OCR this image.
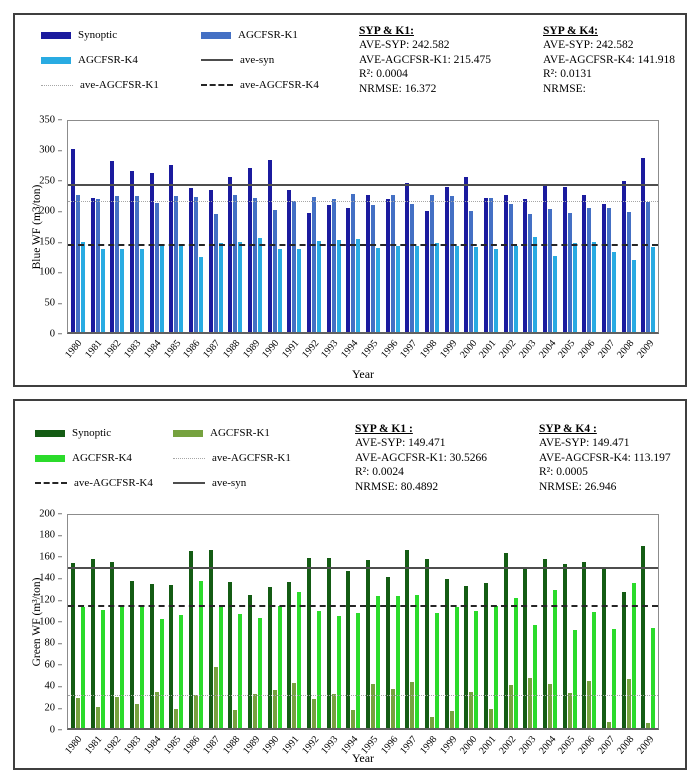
Synoptic	AGCFSR-K1
AGCFSR-K4	ave-syn
ave-AGCFSR-K1	ave-AGCFSR-K4
SYP & K1:
AVE-SYP: 242.582
AVE-AGCFSR-K1: 215.475
R²: 0.0004
NRMSE: 16.372
SYP & K4:
AVE-SYP: 242.582
AVE-AGCFSR-K4: 141.918
R²: 0.0131
NRMSE:
Blue WF (m3/ton)
0
50
100
150
200
250
300
350
1980
1981
1982
1983
1984
1985
1986
1987
1988
1989
1990
1991
1992
1993
1994
1995
1996
1997
1998
1999
2000
2001
2002
2003
2004
2005
2006
2007
2008
2009
Year
Synoptic	AGCFSR-K1
AGCFSR-K4	ave-AGCFSR-K1
ave-AGCFSR-K4	ave-syn
SYP & K1 :
AVE-SYP: 149.471
AVE-AGCFSR-K1: 30.5266
R²: 0.0024
NRMSE: 80.4892
SYP & K4 :
AVE-SYP: 149.471
AVE-AGCFSR-K4: 113.197
R²: 0.0005
NRMSE: 26.946
Green WF (m³/ton)
0
20
40
60
80
100
120
140
160
180
200
1980
1981
1982
1983
1984
1985
1986
1987
1988
1989
1990
1991
1992
1993
1994
1995
1996
1997
1998
1999
2000
2001
2002
2003
2004
2005
2006
2007
2008
2009
Year
